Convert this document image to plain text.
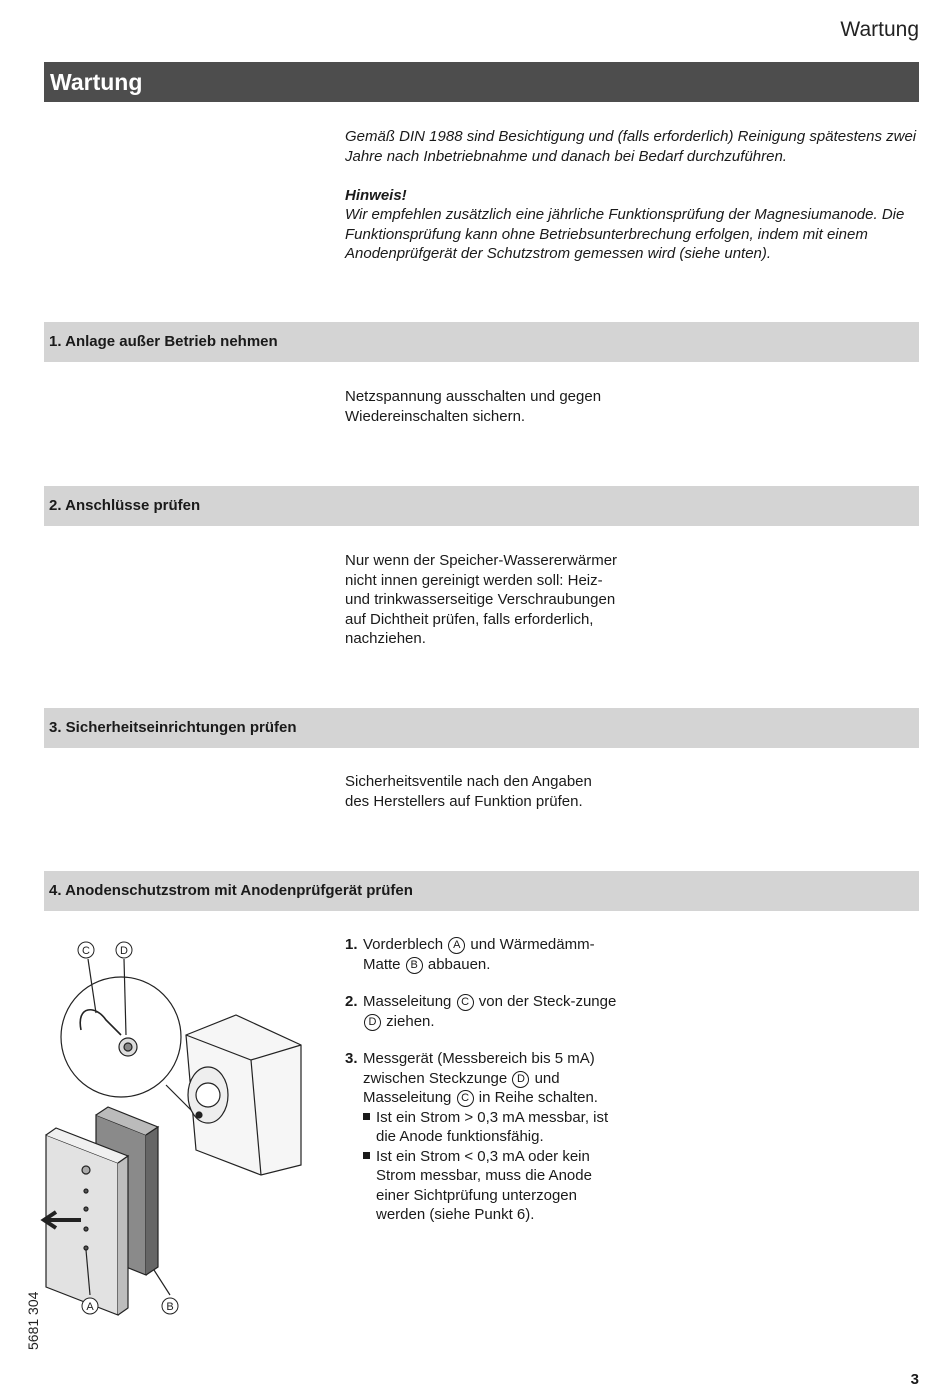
Wartung
Wartung
Gemäß DIN 1988 sind Besichtigung und (falls erforderlich) Reinigung spätestens zwei Jahre nach Inbetriebnahme und danach bei Bedarf durchzuführen.
Hinweis!
Wir empfehlen zusätzlich eine jährliche Funktionsprüfung der Magnesiumanode. Die Funktionsprüfung kann ohne Betriebsunterbrechung erfolgen, indem mit einem Anodenprüfgerät der Schutzstrom gemessen wird (siehe unten).
1. Anlage außer Betrieb nehmen
Netzspannung ausschalten und gegen Wiedereinschalten sichern.
2. Anschlüsse prüfen
Nur wenn der Speicher-Wassererwärmer nicht innen gereinigt werden soll: Heiz- und trinkwasserseitige Verschraubungen auf Dichtheit prüfen, falls erforderlich, nachziehen.
3. Sicherheitseinrichtungen prüfen
Sicherheitsventile nach den Angaben des Herstellers auf Funktion prüfen.
4. Anodenschutzstrom mit Anodenprüfgerät prüfen
C	D
A	B
1. Vorderblech A und Wärmedämm-Matte B abbauen.
2. Masseleitung C von der Steck-zunge D ziehen.
3. Messgerät (Messbereich bis 5 mA) zwischen Steckzunge D und Masseleitung C in Reihe schalten.
Ist ein Strom > 0,3 mA messbar, ist die Anode funktionsfähig.
Ist ein Strom < 0,3 mA oder kein Strom messbar, muss die Anode einer Sichtprüfung unterzogen werden (siehe Punkt 6).
5681 304
3
